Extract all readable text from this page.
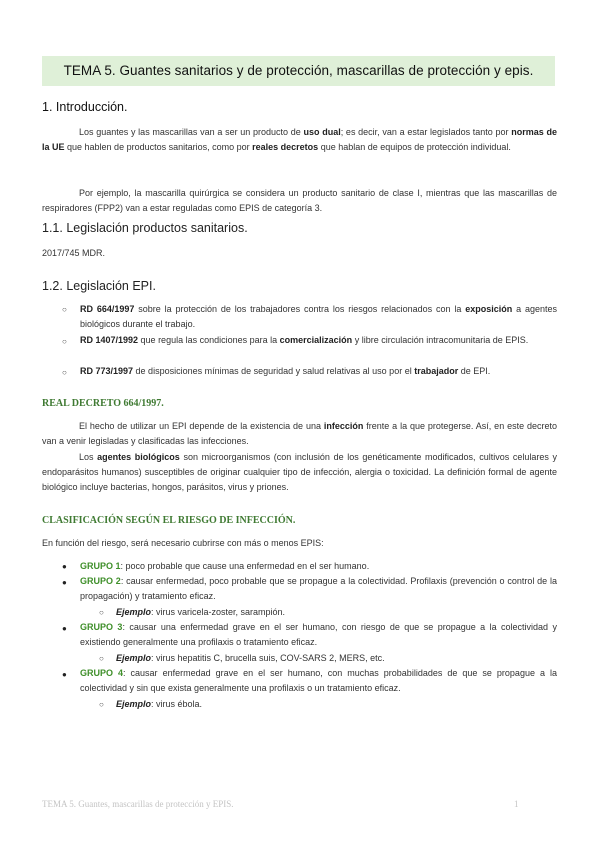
TEMA 5. Guantes sanitarios y de protección, mascarillas de protección y epis.
1. Introducción.
Los guantes y las mascarillas van a ser un producto de uso dual; es decir, van a estar legislados tanto por normas de la UE que hablen de productos sanitarios, como por reales decretos que hablan de equipos de protección individual.
Por ejemplo, la mascarilla quirúrgica se considera un producto sanitario de clase I, mientras que las mascarillas de respiradores (FPP2) van a estar reguladas como EPIS de categoría 3.
1.1. Legislación productos sanitarios.
2017/745 MDR.
1.2. Legislación EPI.
○ RD 664/1997 sobre la protección de los trabajadores contra los riesgos relacionados con la exposición a agentes biológicos durante el trabajo.
○ RD 1407/1992 que regula las condiciones para la comercialización y libre circulación intracomunitaria de EPIS.
○ RD 773/1997 de disposiciones mínimas de seguridad y salud relativas al uso por el trabajador de EPI.
REAL DECRETO 664/1997.
El hecho de utilizar un EPI depende de la existencia de una infección frente a la que protegerse. Así, en este decreto van a venir legisladas y clasificadas las infecciones.
Los agentes biológicos son microorganismos (con inclusión de los genéticamente modificados, cultivos celulares y endoparásitos humanos) susceptibles de originar cualquier tipo de infección, alergia o toxicidad. La definición formal de agente biológico incluye bacterias, hongos, parásitos, virus y priones.
CLASIFICACIÓN SEGÚN EL RIESGO DE INFECCIÓN.
En función del riesgo, será necesario cubrirse con más o menos EPIS:
● GRUPO 1: poco probable que cause una enfermedad en el ser humano.
● GRUPO 2: causar enfermedad, poco probable que se propague a la colectividad. Profilaxis (prevención o control de la propagación) y tratamiento eficaz.
○ Ejemplo: virus varicela-zoster, sarampión.
● GRUPO 3: causar una enfermedad grave en el ser humano, con riesgo de que se propague a la colectividad y existiendo generalmente una profilaxis o tratamiento eficaz.
○ Ejemplo: virus hepatitis C, brucella suis, COV-SARS 2, MERS, etc.
● GRUPO 4: causar enfermedad grave en el ser humano, con muchas probabilidades de que se propague a la colectividad y sin que exista generalmente una profilaxis o un tratamiento eficaz.
○ Ejemplo: virus ébola.
TEMA 5. Guantes, mascarillas de protección y EPIS.	1
